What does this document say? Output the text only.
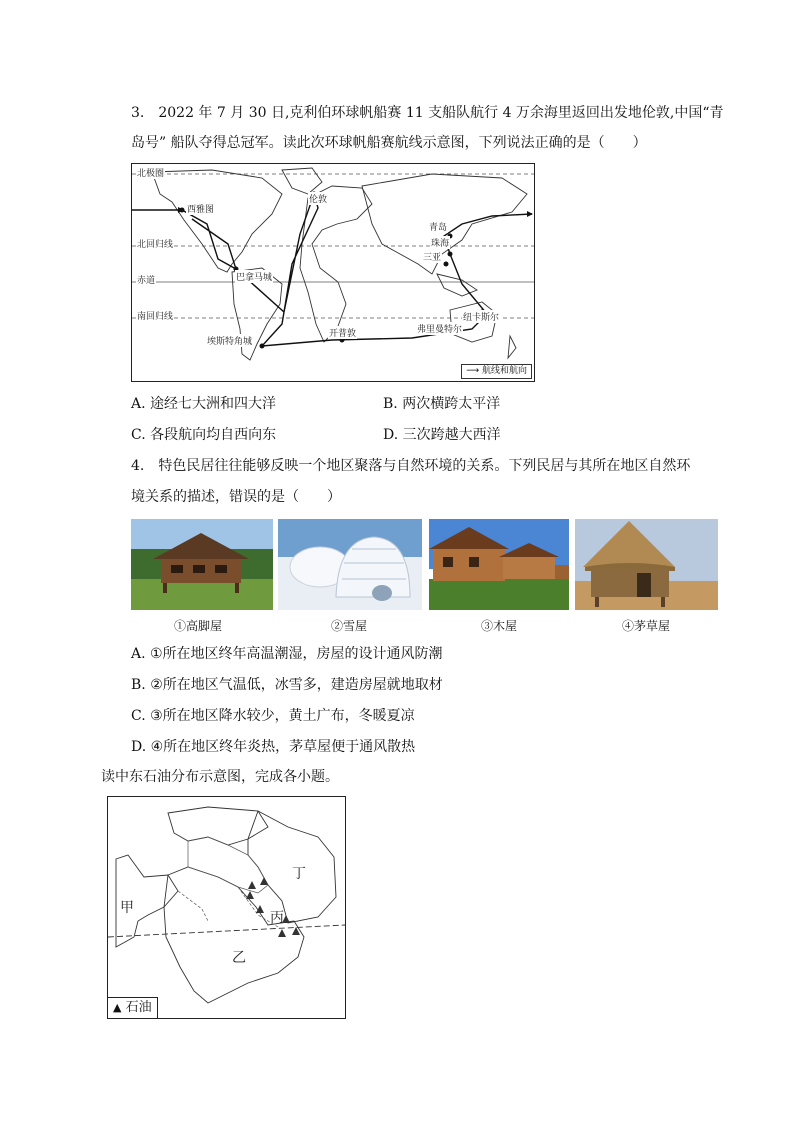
3.　2022 年 7 月 30 日,克利伯环球帆船赛 11 支船队航行 4 万余海里返回出发地伦敦,中国“青
岛号” 船队夺得总冠军。读此次环球帆船赛航线示意图，下列说法正确的是（　　）
北极圈
北回归线
赤道
南回归线
西雅图
伦敦
青岛
珠海
三亚
巴拿马城
埃斯特角城
开普敦	弗里曼特尔
纽卡斯尔
⟶ 航线和航向
A. 途经七大洲和四大洋	B. 两次横跨太平洋
C. 各段航向均自西向东	D. 三次跨越大西洋
4.　特色民居往往能够反映一个地区聚落与自然环境的关系。下列民居与其所在地区自然环
境关系的描述，错误的是（　　）
①高脚屋	②雪屋	③木屋	④茅草屋
A. ①所在地区终年高温潮湿，房屋的设计通风防潮
B. ②所在地区气温低，冰雪多，建造房屋就地取材
C. ③所在地区降水较少，黄土广布，冬暖夏凉
D. ④所在地区终年炎热，茅草屋便于通风散热
读中东石油分布示意图，完成各小题。
甲
乙
丙
丁
▲ 石油
